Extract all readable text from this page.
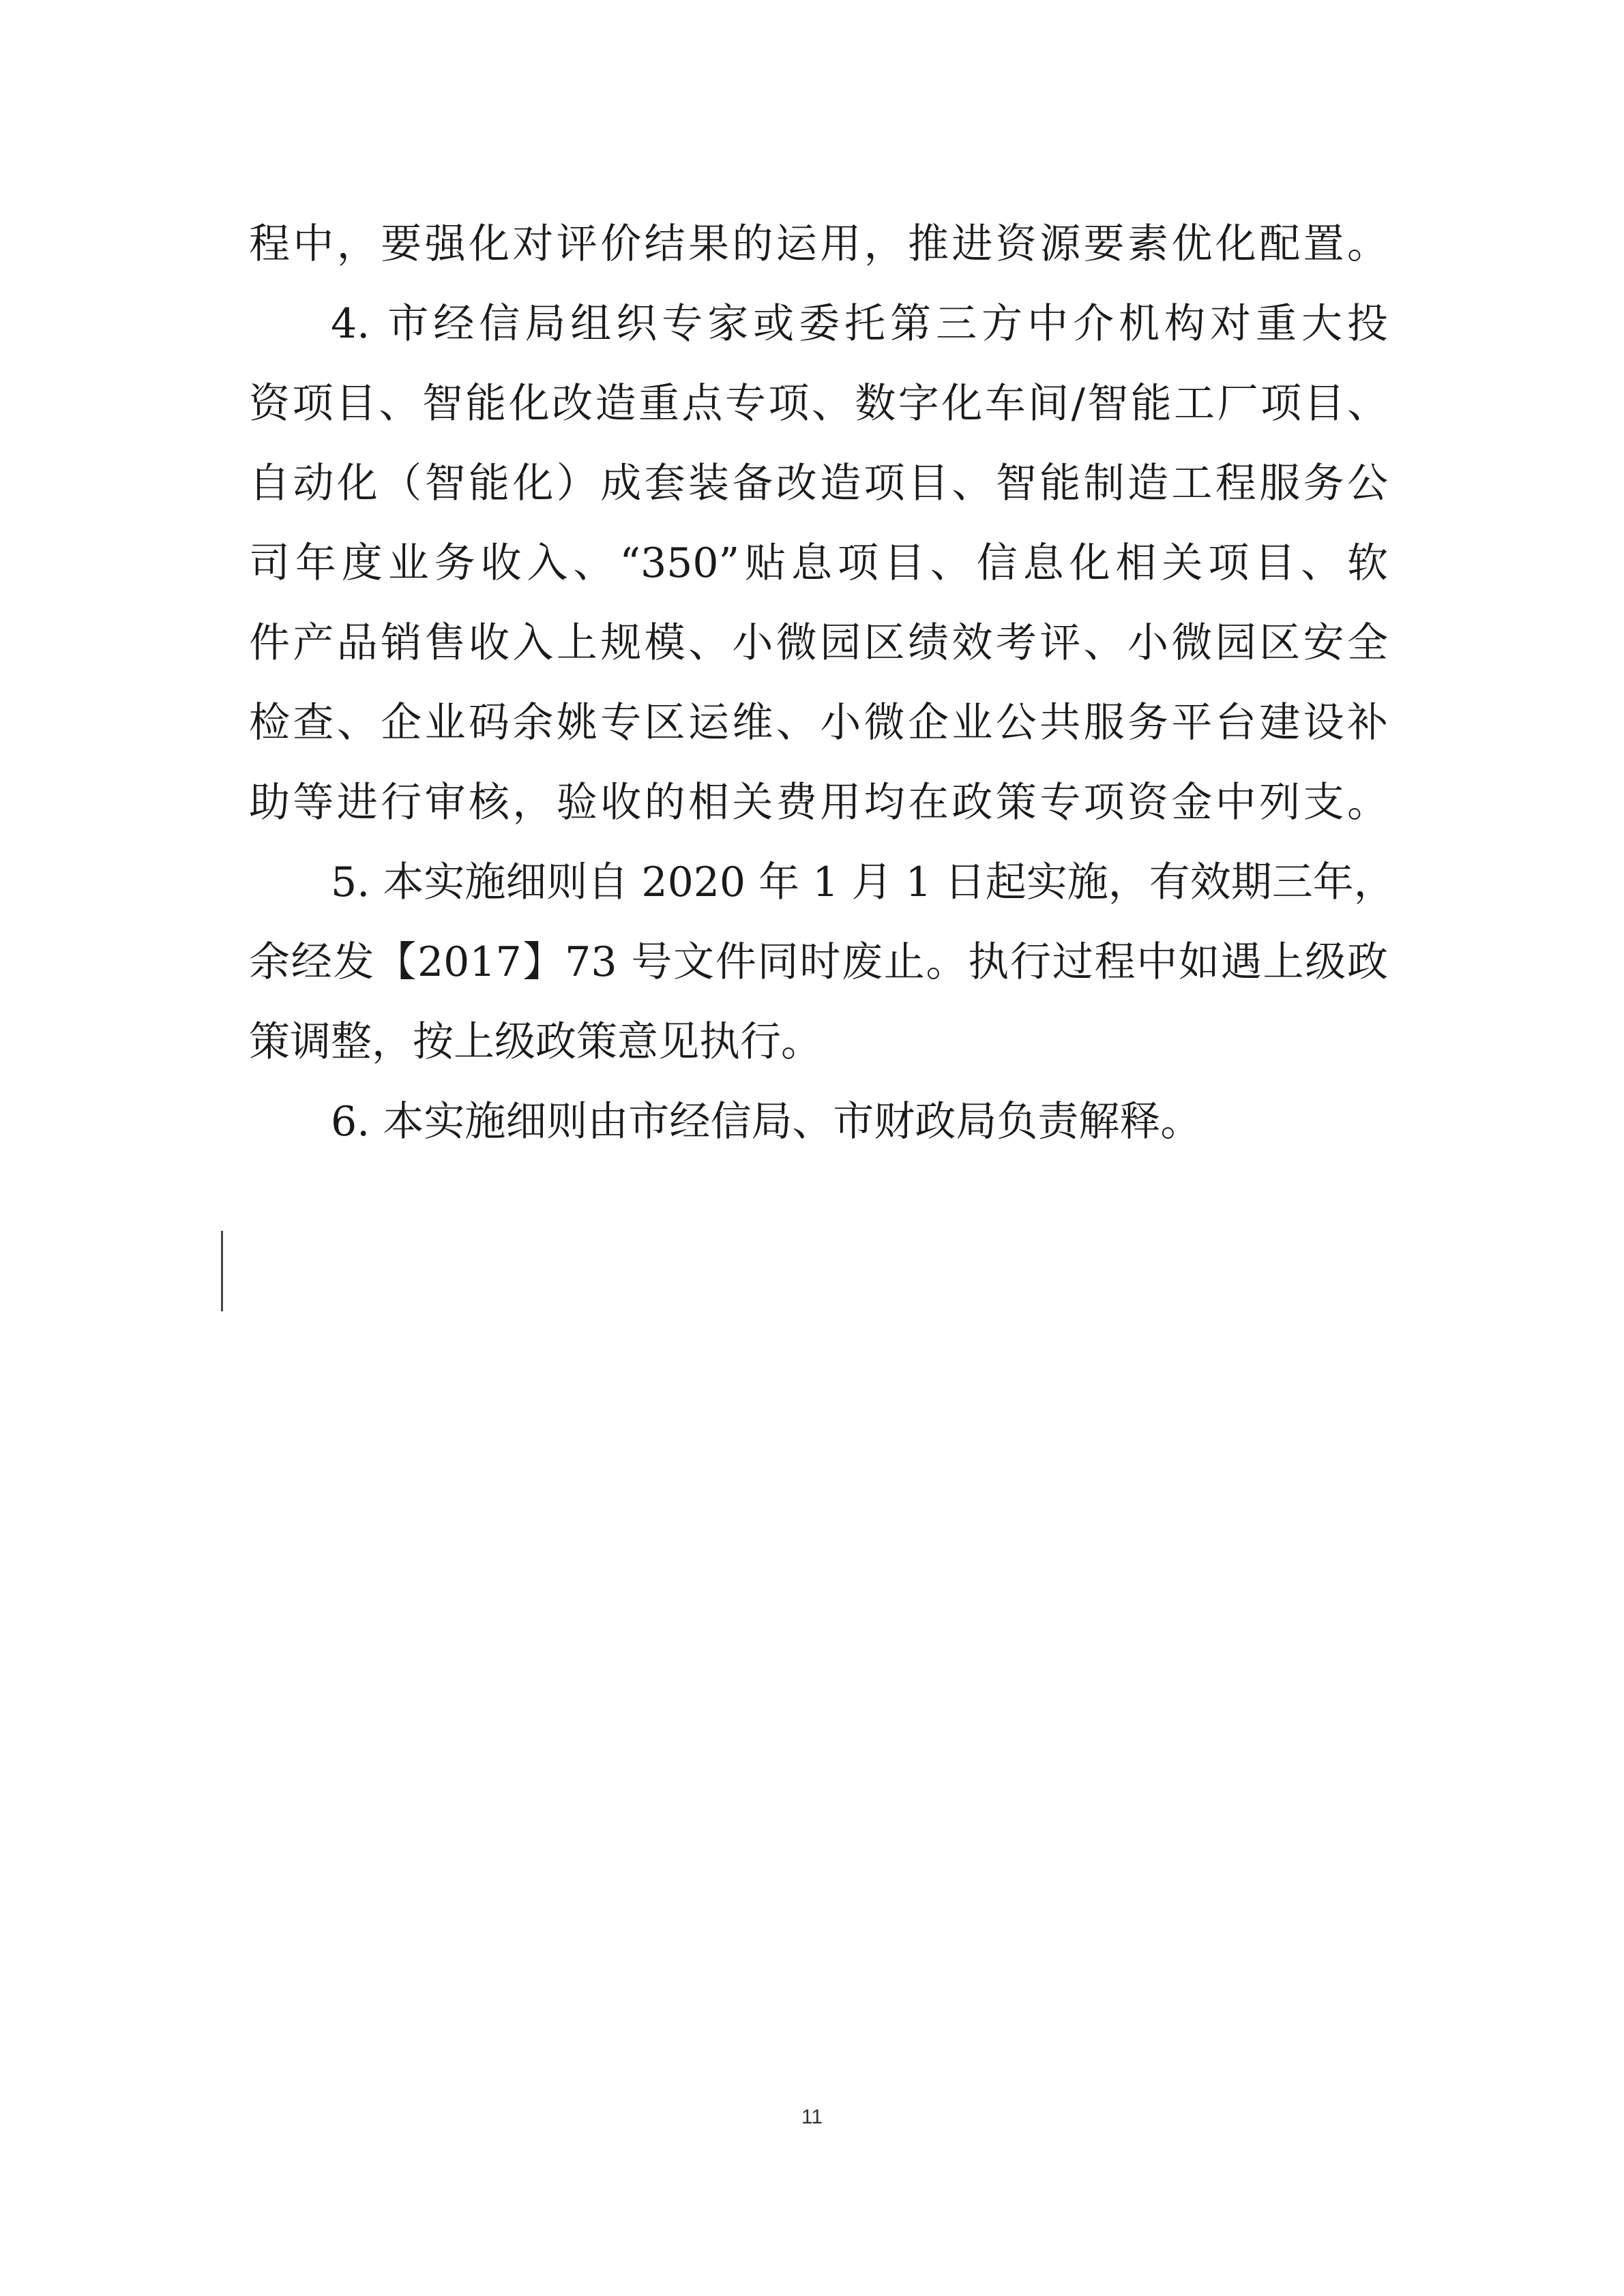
程中，要强化对评价结果的运用，推进资源要素优化配置。
4. 市经信局组织专家或委托第三方中介机构对重大投
资项目、智能化改造重点专项、数字化车间/智能工厂项目、
自动化（智能化）成套装备改造项目、智能制造工程服务公
司年度业务收入、“350”贴息项目、信息化相关项目、软
件产品销售收入上规模、小微园区绩效考评、小微园区安全
检查、企业码余姚专区运维、小微企业公共服务平台建设补
助等进行审核，验收的相关费用均在政策专项资金中列支。
5. 本实施细则自 2020 年 1 月 1 日起实施，有效期三年，
余经发【2017】73 号文件同时废止。执行过程中如遇上级政
策调整，按上级政策意见执行。
6. 本实施细则由市经信局、市财政局负责解释。
11
